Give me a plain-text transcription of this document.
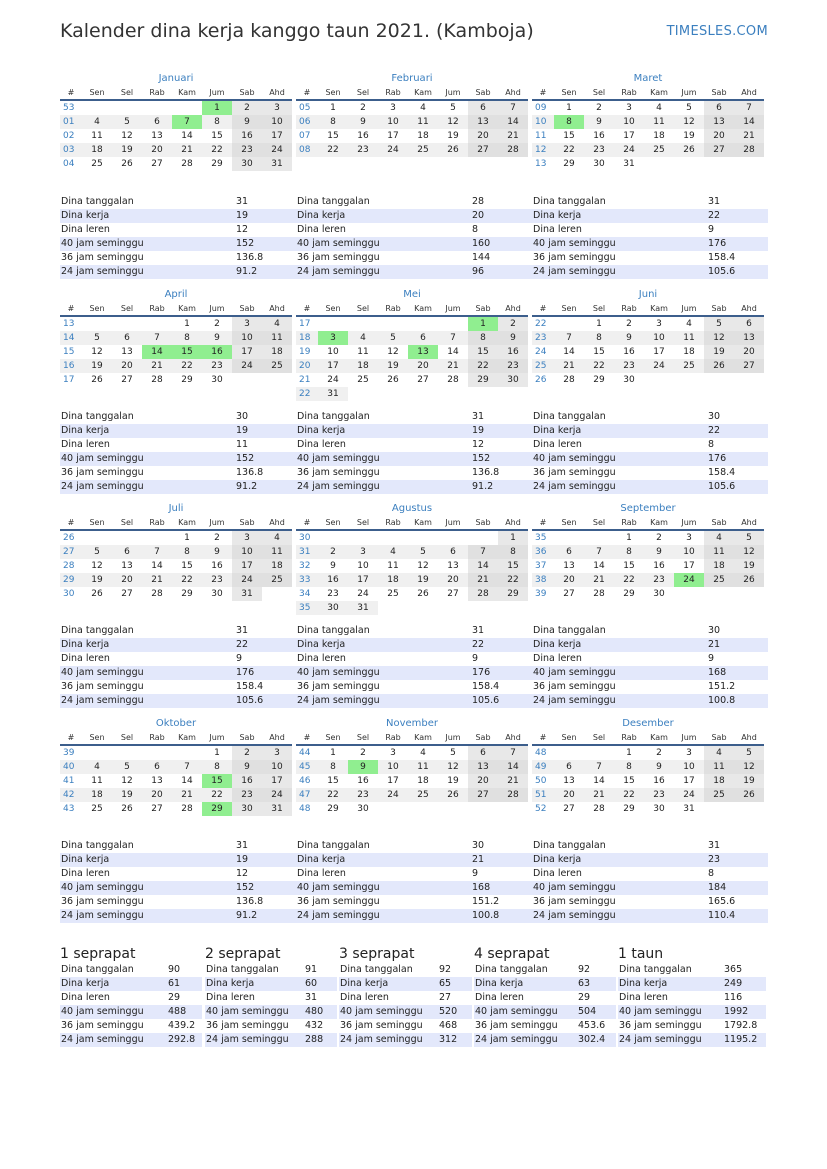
Kalender dina kerja kanggo taun 2021. (Kamboja)	TIMESLES.COM
Januari
#	Sen	Sel	Rab	Kam	Jum	Sab	Ahd
53					1	2	3
01	4	5	6	7	8	9	10
02	11	12	13	14	15	16	17
03	18	19	20	21	22	23	24
04	25	26	27	28	29	30	31
Dina tanggalan	31
Dina kerja	19
Dina leren	12
40 jam seminggu	152
36 jam seminggu	136.8
24 jam seminggu	91.2
Februari
#	Sen	Sel	Rab	Kam	Jum	Sab	Ahd
05	1	2	3	4	5	6	7
06	8	9	10	11	12	13	14
07	15	16	17	18	19	20	21
08	22	23	24	25	26	27	28
Dina tanggalan	28
Dina kerja	20
Dina leren	8
40 jam seminggu	160
36 jam seminggu	144
24 jam seminggu	96
Maret
#	Sen	Sel	Rab	Kam	Jum	Sab	Ahd
09	1	2	3	4	5	6	7
10	8	9	10	11	12	13	14
11	15	16	17	18	19	20	21
12	22	23	24	25	26	27	28
13	29	30	31				
Dina tanggalan	31
Dina kerja	22
Dina leren	9
40 jam seminggu	176
36 jam seminggu	158.4
24 jam seminggu	105.6
April
#	Sen	Sel	Rab	Kam	Jum	Sab	Ahd
13				1	2	3	4
14	5	6	7	8	9	10	11
15	12	13	14	15	16	17	18
16	19	20	21	22	23	24	25
17	26	27	28	29	30		
Dina tanggalan	30
Dina kerja	19
Dina leren	11
40 jam seminggu	152
36 jam seminggu	136.8
24 jam seminggu	91.2
Mei
#	Sen	Sel	Rab	Kam	Jum	Sab	Ahd
17						1	2
18	3	4	5	6	7	8	9
19	10	11	12	13	14	15	16
20	17	18	19	20	21	22	23
21	24	25	26	27	28	29	30
22	31						
Dina tanggalan	31
Dina kerja	19
Dina leren	12
40 jam seminggu	152
36 jam seminggu	136.8
24 jam seminggu	91.2
Juni
#	Sen	Sel	Rab	Kam	Jum	Sab	Ahd
22		1	2	3	4	5	6
23	7	8	9	10	11	12	13
24	14	15	16	17	18	19	20
25	21	22	23	24	25	26	27
26	28	29	30				
Dina tanggalan	30
Dina kerja	22
Dina leren	8
40 jam seminggu	176
36 jam seminggu	158.4
24 jam seminggu	105.6
Juli
#	Sen	Sel	Rab	Kam	Jum	Sab	Ahd
26				1	2	3	4
27	5	6	7	8	9	10	11
28	12	13	14	15	16	17	18
29	19	20	21	22	23	24	25
30	26	27	28	29	30	31	
Dina tanggalan	31
Dina kerja	22
Dina leren	9
40 jam seminggu	176
36 jam seminggu	158.4
24 jam seminggu	105.6
Agustus
#	Sen	Sel	Rab	Kam	Jum	Sab	Ahd
30							1
31	2	3	4	5	6	7	8
32	9	10	11	12	13	14	15
33	16	17	18	19	20	21	22
34	23	24	25	26	27	28	29
35	30	31					
Dina tanggalan	31
Dina kerja	22
Dina leren	9
40 jam seminggu	176
36 jam seminggu	158.4
24 jam seminggu	105.6
September
#	Sen	Sel	Rab	Kam	Jum	Sab	Ahd
35			1	2	3	4	5
36	6	7	8	9	10	11	12
37	13	14	15	16	17	18	19
38	20	21	22	23	24	25	26
39	27	28	29	30			
Dina tanggalan	30
Dina kerja	21
Dina leren	9
40 jam seminggu	168
36 jam seminggu	151.2
24 jam seminggu	100.8
Oktober
#	Sen	Sel	Rab	Kam	Jum	Sab	Ahd
39					1	2	3
40	4	5	6	7	8	9	10
41	11	12	13	14	15	16	17
42	18	19	20	21	22	23	24
43	25	26	27	28	29	30	31
Dina tanggalan	31
Dina kerja	19
Dina leren	12
40 jam seminggu	152
36 jam seminggu	136.8
24 jam seminggu	91.2
November
#	Sen	Sel	Rab	Kam	Jum	Sab	Ahd
44	1	2	3	4	5	6	7
45	8	9	10	11	12	13	14
46	15	16	17	18	19	20	21
47	22	23	24	25	26	27	28
48	29	30					
Dina tanggalan	30
Dina kerja	21
Dina leren	9
40 jam seminggu	168
36 jam seminggu	151.2
24 jam seminggu	100.8
Desember
#	Sen	Sel	Rab	Kam	Jum	Sab	Ahd
48			1	2	3	4	5
49	6	7	8	9	10	11	12
50	13	14	15	16	17	18	19
51	20	21	22	23	24	25	26
52	27	28	29	30	31		
Dina tanggalan	31
Dina kerja	23
Dina leren	8
40 jam seminggu	184
36 jam seminggu	165.6
24 jam seminggu	110.4
1 seprapat
Dina tanggalan	90
Dina kerja	61
Dina leren	29
40 jam seminggu	488
36 jam seminggu	439.2
24 jam seminggu	292.8
2 seprapat
Dina tanggalan	91
Dina kerja	60
Dina leren	31
40 jam seminggu	480
36 jam seminggu	432
24 jam seminggu	288
3 seprapat
Dina tanggalan	92
Dina kerja	65
Dina leren	27
40 jam seminggu	520
36 jam seminggu	468
24 jam seminggu	312
4 seprapat
Dina tanggalan	92
Dina kerja	63
Dina leren	29
40 jam seminggu	504
36 jam seminggu	453.6
24 jam seminggu	302.4
1 taun
Dina tanggalan	365
Dina kerja	249
Dina leren	116
40 jam seminggu	1992
36 jam seminggu	1792.8
24 jam seminggu	1195.2
